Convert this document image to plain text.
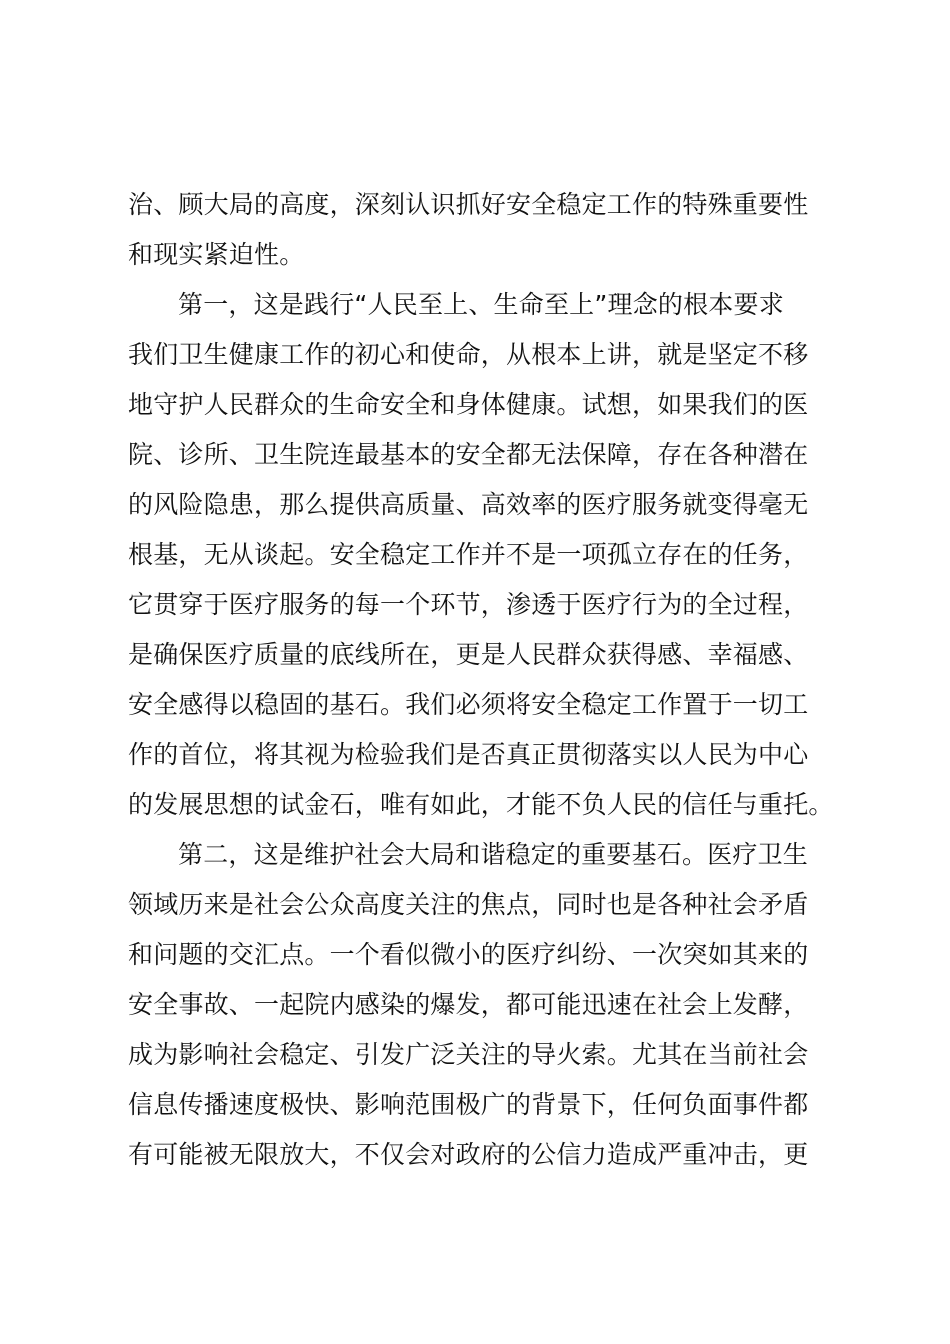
治、顾大局的高度，深刻认识抓好安全稳定工作的特殊重要性
和现实紧迫性。
第一，这是践行“人民至上、生命至上”理念的根本要求
我们卫生健康工作的初心和使命，从根本上讲，就是坚定不移
地守护人民群众的生命安全和身体健康。试想，如果我们的医
院、诊所、卫生院连最基本的安全都无法保障，存在各种潜在
的风险隐患，那么提供高质量、高效率的医疗服务就变得毫无
根基，无从谈起。安全稳定工作并不是一项孤立存在的任务，
它贯穿于医疗服务的每一个环节，渗透于医疗行为的全过程，
是确保医疗质量的底线所在，更是人民群众获得感、幸福感、
安全感得以稳固的基石。我们必须将安全稳定工作置于一切工
作的首位，将其视为检验我们是否真正贯彻落实以人民为中心
的发展思想的试金石，唯有如此，才能不负人民的信任与重托。
第二，这是维护社会大局和谐稳定的重要基石。医疗卫生
领域历来是社会公众高度关注的焦点，同时也是各种社会矛盾
和问题的交汇点。一个看似微小的医疗纠纷、一次突如其来的
安全事故、一起院内感染的爆发，都可能迅速在社会上发酵，
成为影响社会稳定、引发广泛关注的导火索。尤其在当前社会
信息传播速度极快、影响范围极广的背景下，任何负面事件都
有可能被无限放大，不仅会对政府的公信力造成严重冲击，更
